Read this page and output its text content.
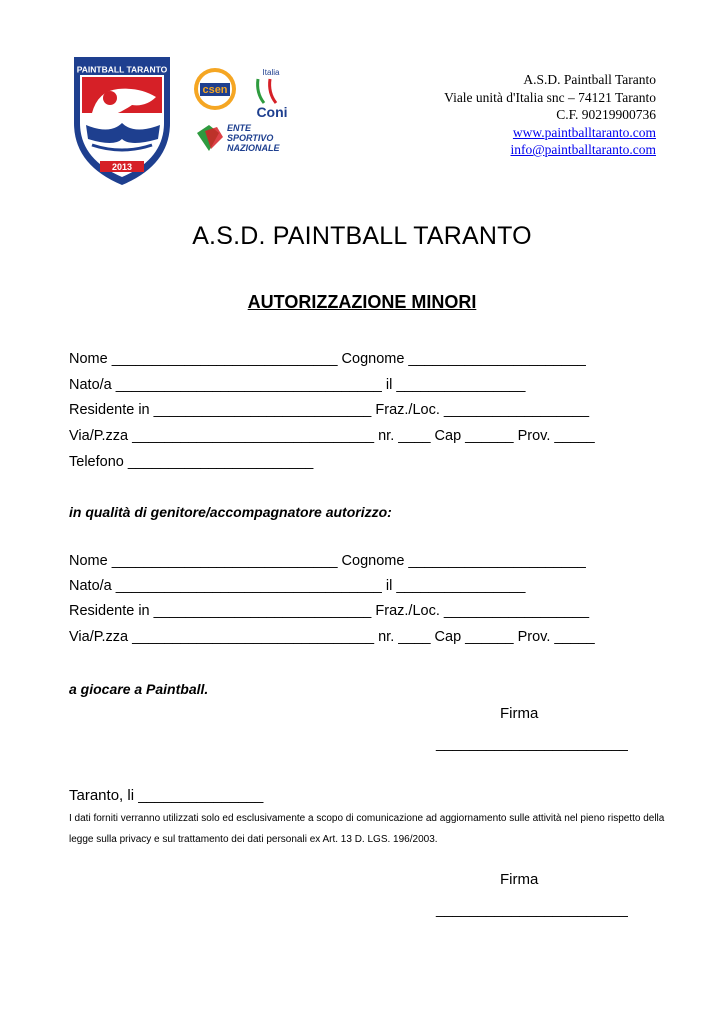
PAINTBALL TARANTO
2013
csen
Italia
Coni
ENTE
SPORTIVO
NAZIONALE
A.S.D. Paintball Taranto
Viale unità d'Italia snc – 74121 Taranto
C.F. 90219900736
www.paintballtaranto.com
info@paintballtaranto.com
A.S.D. PAINTBALL TARANTO
AUTORIZZAZIONE MINORI
Nome ____________________________ Cognome ______________________
Nato/a _________________________________ il ________________
Residente in ___________________________ Fraz./Loc. __________________
Via/P.zza ______________________________ nr. ____ Cap ______ Prov. _____
Telefono _______________________
in qualità di genitore/accompagnatore autorizzo:
Nome ____________________________ Cognome ______________________
Nato/a _________________________________ il ________________
Residente in ___________________________ Fraz./Loc. __________________
Via/P.zza ______________________________ nr. ____ Cap ______ Prov. _____
a giocare a Paintball.
Firma
_______________________
Taranto, li _______________
I dati forniti verranno utilizzati solo ed esclusivamente a scopo di comunicazione ad aggiornamento sulle attività nel pieno rispetto della legge sulla privacy e sul trattamento dei dati personali ex Art. 13 D. LGS. 196/2003.
Firma
_______________________
